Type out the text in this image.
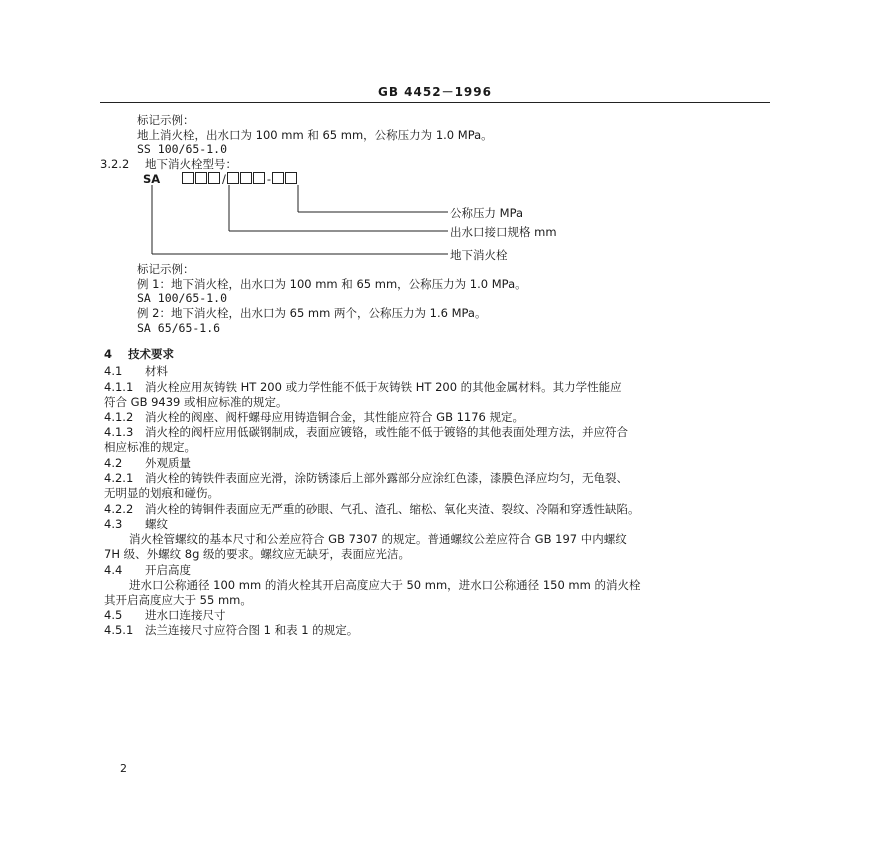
GB 4452－1996
标记示例：
地上消火栓，出水口为 100 mm 和 65 mm，公称压力为 1.0 MPa。
SS 100/65-1.0
3.2.2 地下消火栓型号：
SA	/	-
公称压力 MPa
出水口接口规格 mm
地下消火栓
标记示例：
例 1：地下消火栓，出水口为 100 mm 和 65 mm，公称压力为 1.0 MPa。
SA 100/65-1.0
例 2：地下消火栓，出水口为 65 mm 两个，公称压力为 1.6 MPa。
SA 65/65-1.6
4 技术要求
4.1 材料
4.1.1 消火栓应用灰铸铁 HT 200 或力学性能不低于灰铸铁 HT 200 的其他金属材料。其力学性能应
符合 GB 9439 或相应标准的规定。
4.1.2 消火栓的阀座、阀杆螺母应用铸造铜合金，其性能应符合 GB 1176 规定。
4.1.3 消火栓的阀杆应用低碳钢制成，表面应镀铬，或性能不低于镀铬的其他表面处理方法，并应符合
相应标准的规定。
4.2 外观质量
4.2.1 消火栓的铸铁件表面应光滑，涂防锈漆后上部外露部分应涂红色漆，漆膜色泽应均匀，无龟裂、
无明显的划痕和碰伤。
4.2.2 消火栓的铸铜件表面应无严重的砂眼、气孔、渣孔、缩松、氧化夹渣、裂纹、冷隔和穿透性缺陷。
4.3 螺纹
消火栓管螺纹的基本尺寸和公差应符合 GB 7307 的规定。普通螺纹公差应符合 GB 197 中内螺纹
7H 级、外螺纹 8g 级的要求。螺纹应无缺牙，表面应光洁。
4.4 开启高度
进水口公称通径 100 mm 的消火栓其开启高度应大于 50 mm，进水口公称通径 150 mm 的消火栓
其开启高度应大于 55 mm。
4.5 进水口连接尺寸
4.5.1 法兰连接尺寸应符合图 1 和表 1 的规定。
2
